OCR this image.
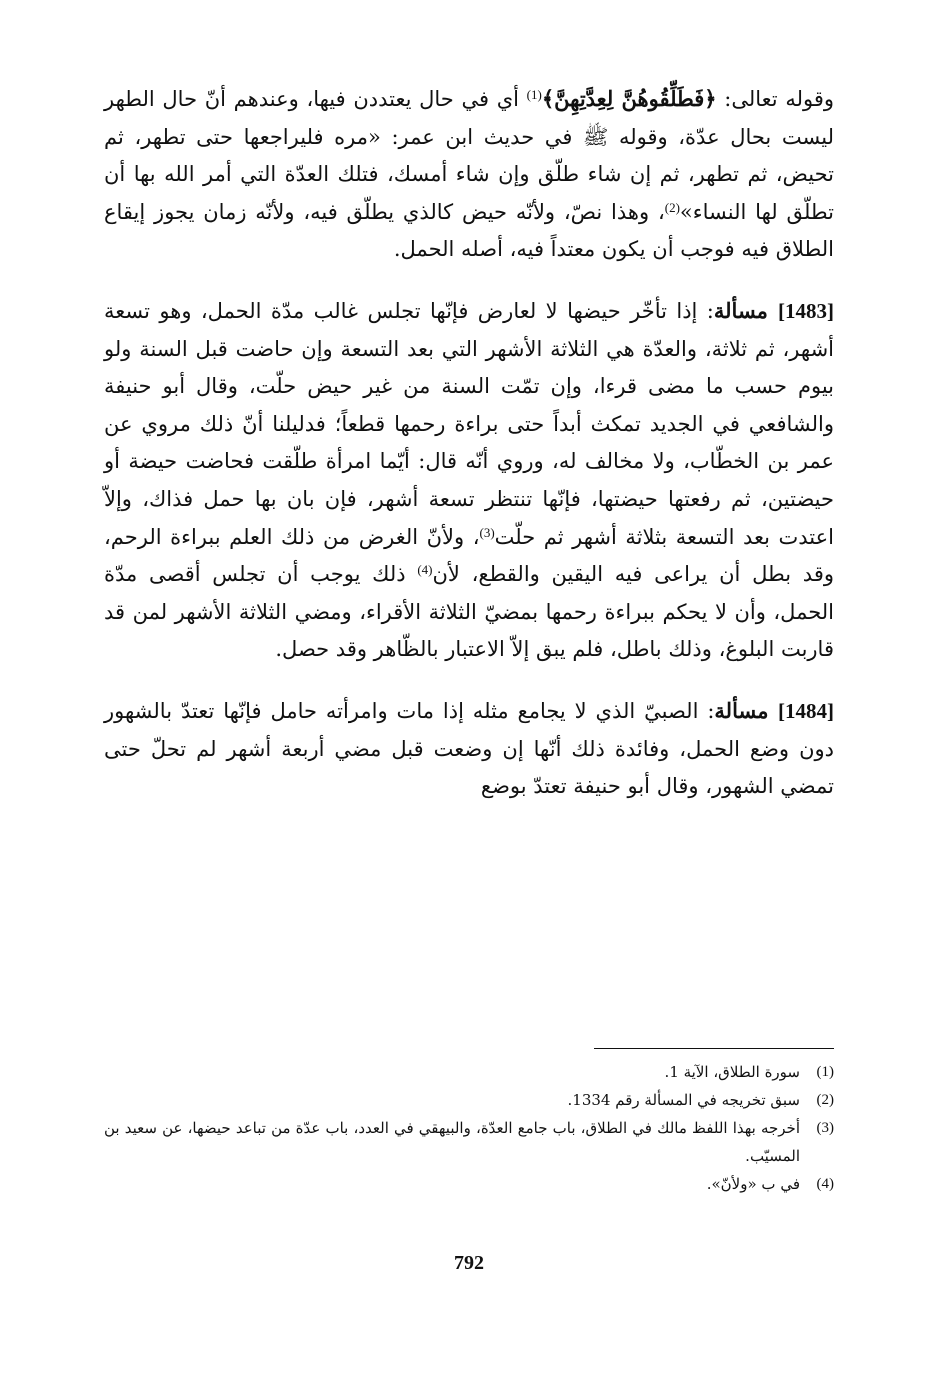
وقوله تعالى: ﴿فَطَلِّقُوهُنَّ لِعِدَّتِهِنَّ﴾$^{(1)}$ أي في حال يعتددن فيها، وعندهم أنّ حال الطهر ليست بحال عدّة، وقوله ﷺ في حديث ابن عمر: «مره فليراجعها حتى تطهر، ثم تحيض، ثم تطهر، ثم إن شاء طلّق وإن شاء أمسك، فتلك العدّة التي أمر الله بها أن تطلّق لها النساء»$^{(2)}$، وهذا نصّ، ولأنّه حيض كالذي يطلّق فيه، ولأنّه زمان يجوز إيقاع الطلاق فيه فوجب أن يكون معتداً فيه، أصله الحمل.

[1483] مسألة: إذا تأخّر حيضها لا لعارض فإنّها تجلس غالب مدّة الحمل، وهو تسعة أشهر، ثم ثلاثة، والعدّة هي الثلاثة الأشهر التي بعد التسعة وإن حاضت قبل السنة ولو بيوم حسب ما مضى قرءا، وإن تمّت السنة من غير حيض حلّت، وقال أبو حنيفة والشافعي في الجديد تمكث أبداً حتى براءة رحمها قطعاً؛ فدليلنا أنّ ذلك مروي عن عمر بن الخطّاب، ولا مخالف له، وروي أنّه قال: أيّما امرأة طلّقت فحاضت حيضة أو حيضتين، ثم رفعتها حيضتها، فإنّها تنتظر تسعة أشهر، فإن بان بها حمل فذاك، وإلاّ اعتدت بعد التسعة بثلاثة أشهر ثم حلّت$^{(3)}$، ولأنّ الغرض من ذلك العلم ببراءة الرحم، وقد بطل أن يراعى فيه اليقين والقطع، لأن$^{(4)}$ ذلك يوجب أن تجلس أقصى مدّة الحمل، وأن لا يحكم ببراءة رحمها بمضيّ الثلاثة الأقراء، ومضي الثلاثة الأشهر لمن قد قاربت البلوغ، وذلك باطل، فلم يبق إلاّ الاعتبار بالظّاهر وقد حصل.

[1484] مسألة: الصبيّ الذي لا يجامع مثله إذا مات وامرأته حامل فإنّها تعتدّ بالشهور دون وضع الحمل، وفائدة ذلك أنّها إن وضعت قبل مضي أربعة أشهر لم تحلّ حتى تمضي الشهور، وقال أبو حنيفة تعتدّ بوضع

(1)
سورة الطلاق، الآية 1.
(2)
سبق تخريجه في المسألة رقم 1334.
(3)
أخرجه بهذا اللفظ مالك في الطلاق، باب جامع العدّة، والبيهقي في العدد، باب عدّة من تباعد حيضها، عن سعيد بن المسيّب.
(4)
في ب «ولأنّ».
792
